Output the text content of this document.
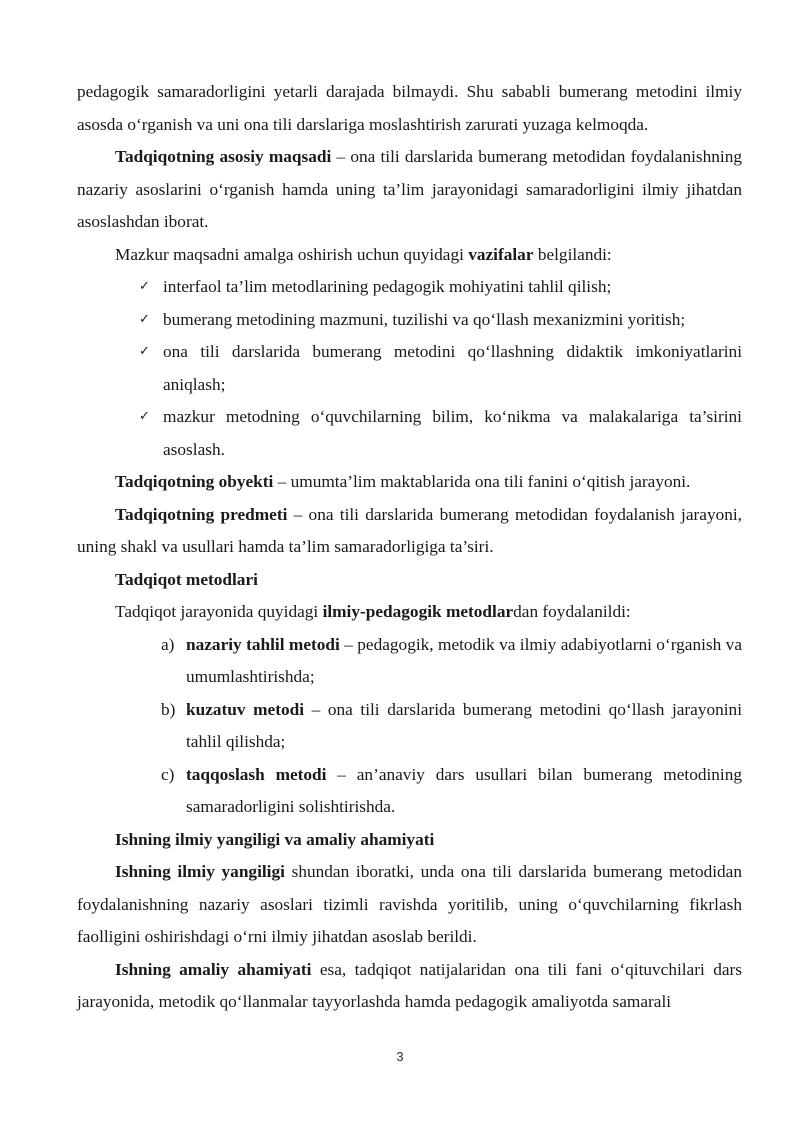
pedagogik samaradorligini yetarli darajada bilmaydi. Shu sababli bumerang metodini ilmiy asosda o‘rganish va uni ona tili darslariga moslashtirish zarurati yuzaga kelmoqda.

Tadqiqotning asosiy maqsadi – ona tili darslarida bumerang metodidan foydalanishning nazariy asoslarini o‘rganish hamda uning ta’lim jarayonidagi samaradorligini ilmiy jihatdan asoslashdan iborat.

Mazkur maqsadni amalga oshirish uchun quyidagi vazifalar belgilandi:

✓ interfaol ta’lim metodlarining pedagogik mohiyatini tahlil qilish;
✓ bumerang metodining mazmuni, tuzilishi va qo‘llash mexanizmini yoritish;
✓ ona tili darslarida bumerang metodini qo‘llashning didaktik imkoniyatlarini aniqlash;
✓ mazkur metodning o‘quvchilarning bilim, ko‘nikma va malakalariga ta’sirini asoslash.

Tadqiqotning obyekti – umumta’lim maktablarida ona tili fanini o‘qitish jarayoni.

Tadqiqotning predmeti – ona tili darslarida bumerang metodidan foydalanish jarayoni, uning shakl va usullari hamda ta’lim samaradorligiga ta’siri.

Tadqiqot metodlari

Tadqiqot jarayonida quyidagi ilmiy-pedagogik metodlardan foydalanildi:

a) nazariy tahlil metodi – pedagogik, metodik va ilmiy adabiyotlarni o‘rganish va umumlashtirishda;
b) kuzatuv metodi – ona tili darslarida bumerang metodini qo‘llash jarayonini tahlil qilishda;
c) taqqoslash metodi – an’anaviy dars usullari bilan bumerang metodining samaradorligini solishtirishda.

Ishning ilmiy yangiligi va amaliy ahamiyati

Ishning ilmiy yangiligi shundan iboratki, unda ona tili darslarida bumerang metodidan foydalanishning nazariy asoslari tizimli ravishda yoritilib, uning o‘quvchilarning fikrlash faolligini oshirishdagi o‘rni ilmiy jihatdan asoslab berildi.

Ishning amaliy ahamiyati esa, tadqiqot natijalaridan ona tili fani o‘qituvchilari dars jarayonida, metodik qo‘llanmalar tayyorlashda hamda pedagogik amaliyotda samarali

3
